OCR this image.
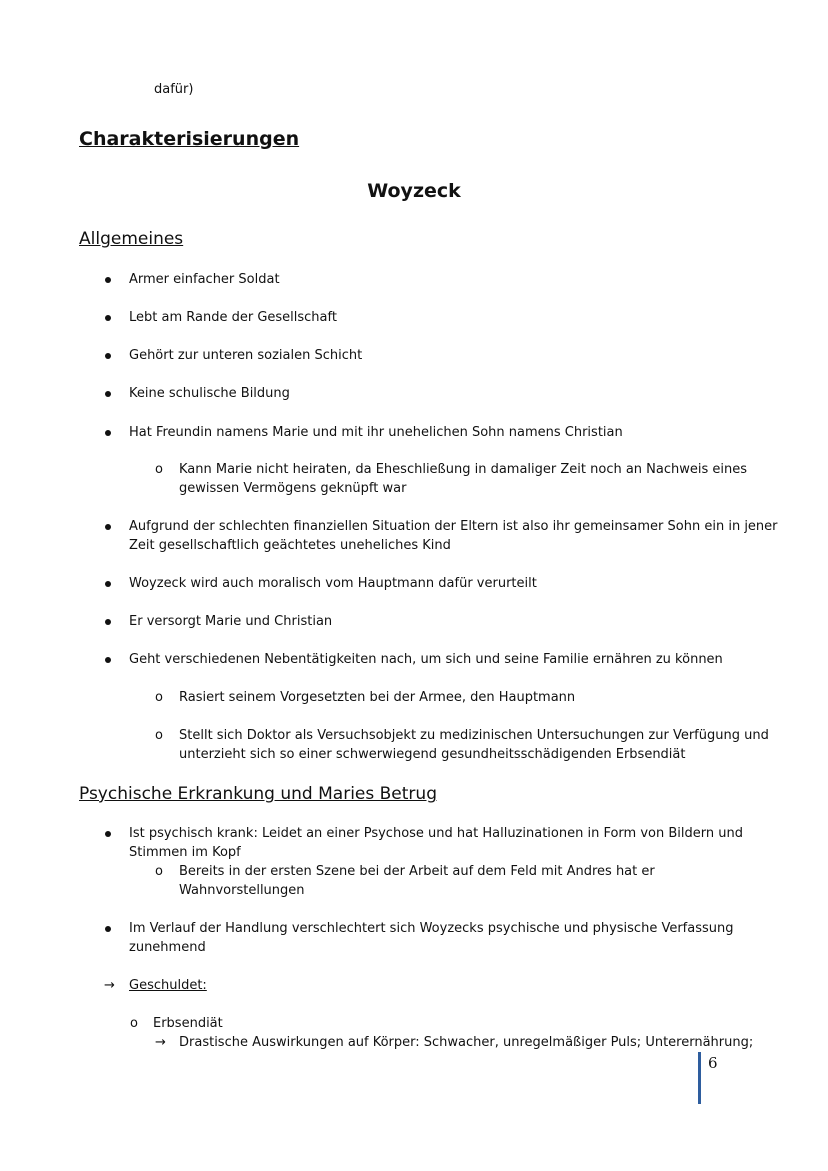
dafür)
Charakterisierungen
Woyzeck
Allgemeines
Armer einfacher Soldat
Lebt am Rande der Gesellschaft
Gehört zur unteren sozialen Schicht
Keine schulische Bildung
Hat Freundin namens Marie und mit ihr unehelichen Sohn namens Christian
o Kann Marie nicht heiraten, da Eheschließung in damaliger Zeit noch an Nachweis eines
gewissen Vermögens geknüpft war
Aufgrund der schlechten finanziellen Situation der Eltern ist also ihr gemeinsamer Sohn ein in jener
Zeit gesellschaftlich geächtetes uneheliches Kind
Woyzeck wird auch moralisch vom Hauptmann dafür verurteilt
Er versorgt Marie und Christian
Geht verschiedenen Nebentätigkeiten nach, um sich und seine Familie ernähren zu können
o Rasiert seinem Vorgesetzten bei der Armee, den Hauptmann
o Stellt sich Doktor als Versuchsobjekt zu medizinischen Untersuchungen zur Verfügung und
unterzieht sich so einer schwerwiegend gesundheitsschädigenden Erbsendiät
Psychische Erkrankung und Maries Betrug
Ist psychisch krank: Leidet an einer Psychose und hat Halluzinationen in Form von Bildern und
Stimmen im Kopf
o Bereits in der ersten Szene bei der Arbeit auf dem Feld mit Andres hat er
Wahnvorstellungen
Im Verlauf der Handlung verschlechtert sich Woyzecks psychische und physische Verfassung
zunehmend
→ Geschuldet:
o Erbsendiät
→ Drastische Auswirkungen auf Körper: Schwacher, unregelmäßiger Puls; Unterernährung;
6
